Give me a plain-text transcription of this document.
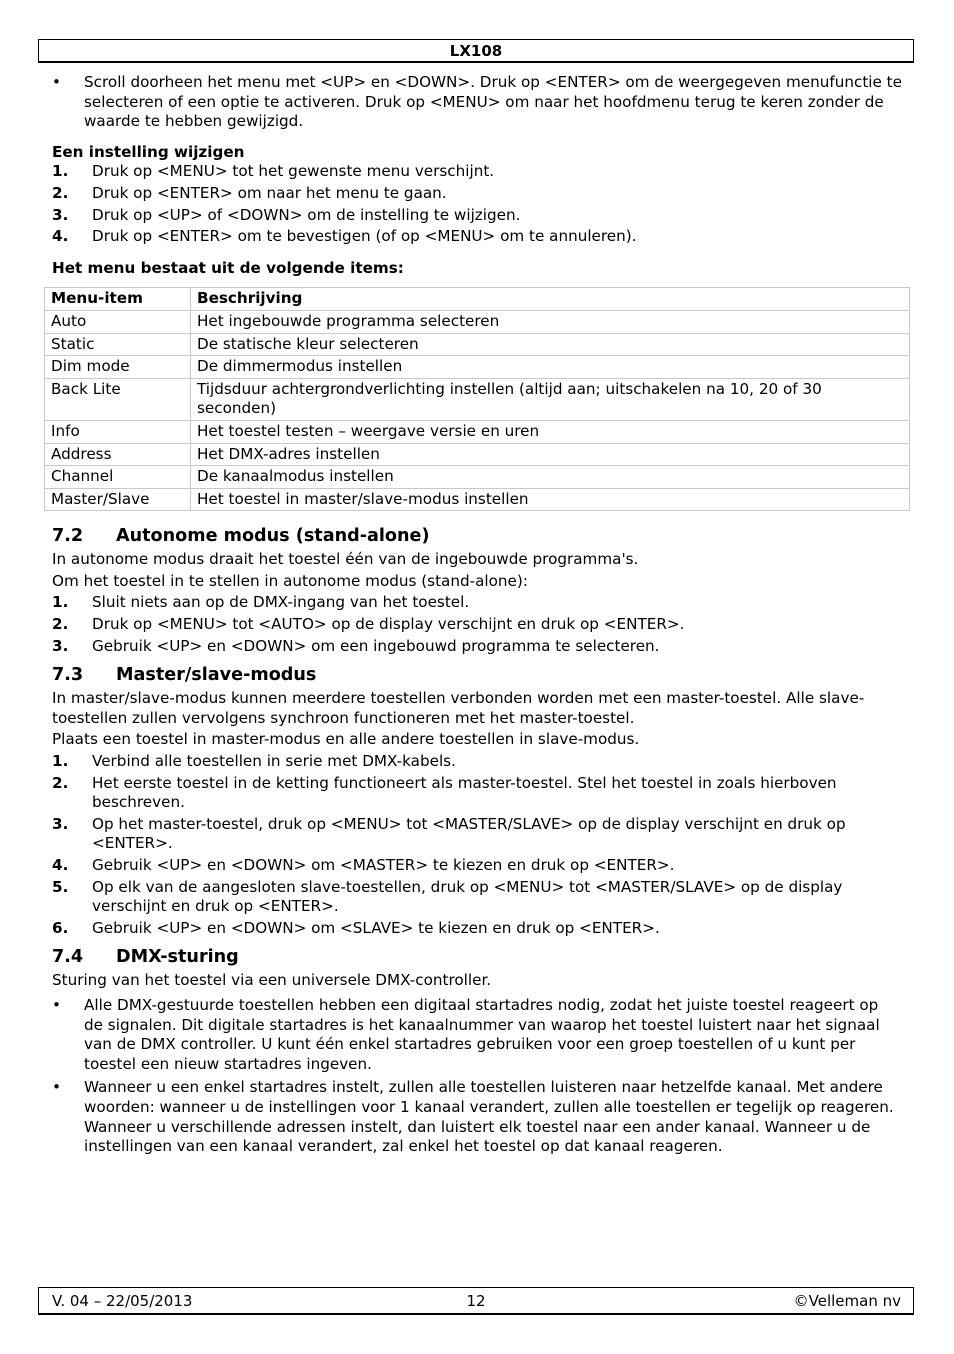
LX108
•	Scroll doorheen het menu met <UP> en <DOWN>. Druk op <ENTER> om de weergegeven menufunctie te selecteren of een optie te activeren. Druk op <MENU> om naar het hoofdmenu terug te keren zonder de waarde te hebben gewijzigd.

Een instelling wijzigen

1. Druk op <MENU> tot het gewenste menu verschijnt.
2. Druk op <ENTER> om naar het menu te gaan.
3. Druk op <UP> of <DOWN> om de instelling te wijzigen.
4. Druk op <ENTER> om te bevestigen (of op <MENU> om te annuleren).

Het menu bestaat uit de volgende items:

Menu-item	Beschrijving
Auto	Het ingebouwde programma selecteren
Static	De statische kleur selecteren
Dim mode	De dimmermodus instellen
Back Lite	Tijdsduur achtergrondverlichting instellen (altijd aan; uitschakelen na 10, 20 of 30 seconden)
Info	Het toestel testen – weergave versie en uren
Address	Het DMX-adres instellen
Channel	De kanaalmodus instellen
Master/Slave	Het toestel in master/slave-modus instellen
7.2 Autonome modus (stand-alone)

In autonome modus draait het toestel één van de ingebouwde programma's.

Om het toestel in te stellen in autonome modus (stand-alone):

1. Sluit niets aan op de DMX-ingang van het toestel.
2. Druk op <MENU> tot <AUTO> op de display verschijnt en druk op <ENTER>.
3. Gebruik <UP> en <DOWN> om een ingebouwd programma te selecteren.
7.3 Master/slave-modus

In master/slave-modus kunnen meerdere toestellen verbonden worden met een master-toestel. Alle slave-toestellen zullen vervolgens synchroon functioneren met het master-toestel.

Plaats een toestel in master-modus en alle andere toestellen in slave-modus.

1. Verbind alle toestellen in serie met DMX-kabels.
2. Het eerste toestel in de ketting functioneert als master-toestel. Stel het toestel in zoals hierboven beschreven.
3. Op het master-toestel, druk op <MENU> tot <MASTER/SLAVE> op de display verschijnt en druk op <ENTER>.
4. Gebruik <UP> en <DOWN> om <MASTER> te kiezen en druk op <ENTER>.
5. Op elk van de aangesloten slave-toestellen, druk op <MENU> tot <MASTER/SLAVE> op de display verschijnt en druk op <ENTER>.
6. Gebruik <UP> en <DOWN> om <SLAVE> te kiezen en druk op <ENTER>.
7.4 DMX-sturing

Sturing van het toestel via een universele DMX-controller.

•	Alle DMX-gestuurde toestellen hebben een digitaal startadres nodig, zodat het juiste toestel reageert op de signalen. Dit digitale startadres is het kanaalnummer van waarop het toestel luistert naar het signaal van de DMX controller. U kunt één enkel startadres gebruiken voor een groep toestellen of u kunt per toestel een nieuw startadres ingeven.
•	Wanneer u een enkel startadres instelt, zullen alle toestellen luisteren naar hetzelfde kanaal. Met andere woorden: wanneer u de instellingen voor 1 kanaal verandert, zullen alle toestellen er tegelijk op reageren. Wanneer u verschillende adressen instelt, dan luistert elk toestel naar een ander kanaal. Wanneer u de instellingen van een kanaal verandert, zal enkel het toestel op dat kanaal reageren.
V. 04 – 22/05/2013	12	©Velleman nv
